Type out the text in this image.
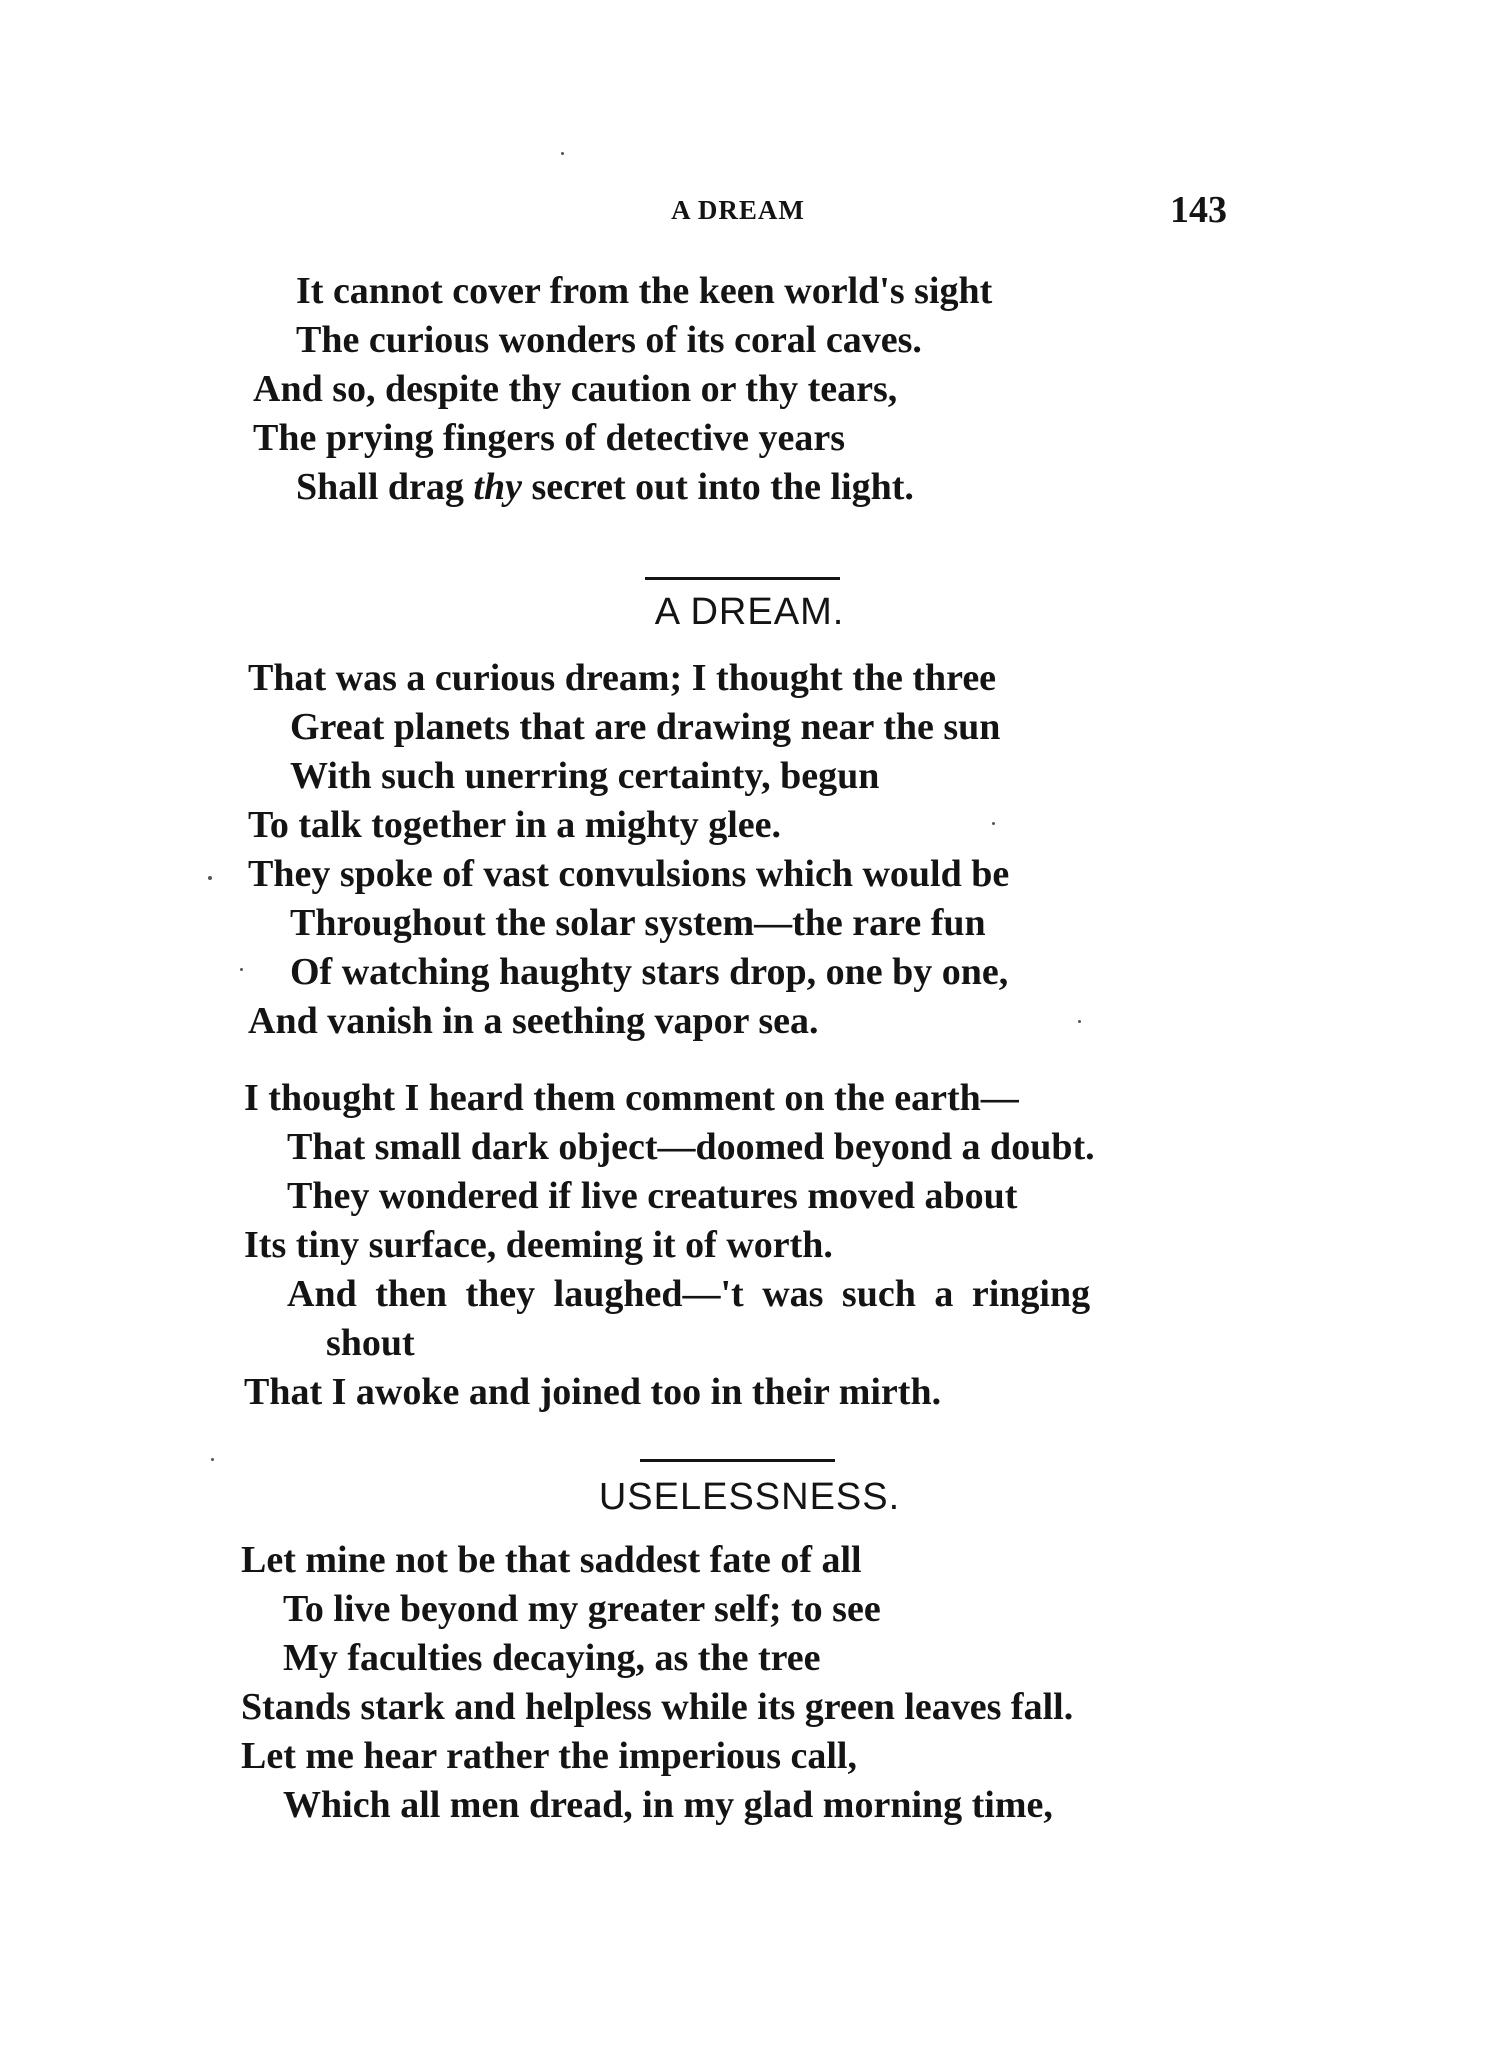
A DREAM	143
It cannot cover from the keen world's sight
The curious wonders of its coral caves.
And so, despite thy caution or thy tears,
The prying fingers of detective years
Shall drag thy secret out into the light.
A DREAM.
That was a curious dream; I thought the three
Great planets that are drawing near the sun
With such unerring certainty, begun
To talk together in a mighty glee.
They spoke of vast convulsions which would be
Throughout the solar system—the rare fun
Of watching haughty stars drop, one by one,
And vanish in a seething vapor sea.
I thought I heard them comment on the earth—
That small dark object—doomed beyond a doubt.
They wondered if live creatures moved about
Its tiny surface, deeming it of worth.
And then they laughed—'t was such a ringing
shout
That I awoke and joined too in their mirth.
USELESSNESS.
Let mine not be that saddest fate of all
To live beyond my greater self; to see
My faculties decaying, as the tree
Stands stark and helpless while its green leaves fall.
Let me hear rather the imperious call,
Which all men dread, in my glad morning time,
